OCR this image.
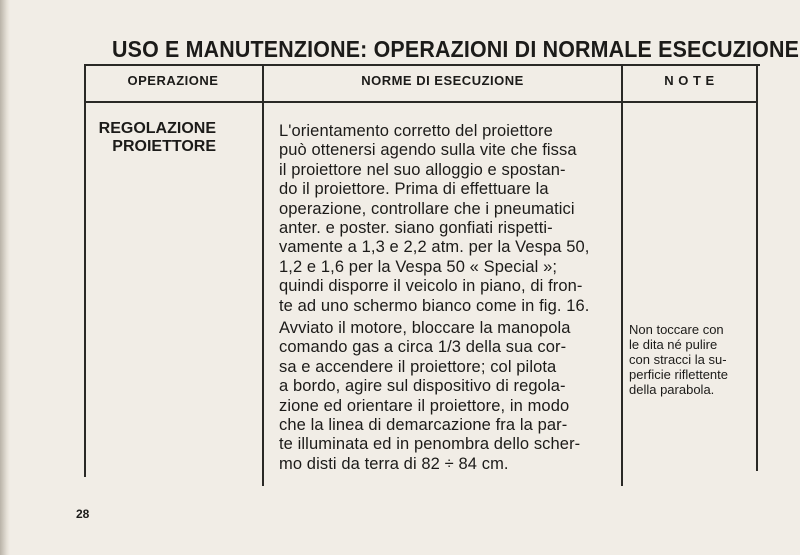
USO E MANUTENZIONE: OPERAZIONI DI NORMALE ESECUZIONE
OPERAZIONE	NORME DI ESECUZIONE	N O T E
REGOLAZIONE
PROIETTORE
L'orientamento corretto del proiettore
può ottenersi agendo sulla vite che fissa
il proiettore nel suo alloggio e spostan-
do il proiettore. Prima di effettuare la
operazione, controllare che i pneumatici
anter. e poster. siano gonfiati rispetti-
vamente a 1,3 e 2,2 atm. per la Vespa 50,
1,2 e 1,6 per la Vespa 50 « Special »;
quindi disporre il veicolo in piano, di fron-
te ad uno schermo bianco come in fig. 16.
Avviato il motore, bloccare la manopola
comando gas a circa 1/3 della sua cor-
sa e accendere il proiettore; col pilota
a bordo, agire sul dispositivo di regola-
zione ed orientare il proiettore, in modo
che la linea di demarcazione fra la par-
te illuminata ed in penombra dello scher-
mo disti da terra di 82 ÷ 84 cm.
Non toccare con
le dita né pulire
con stracci la su-
perficie riflettente
della parabola.
28
